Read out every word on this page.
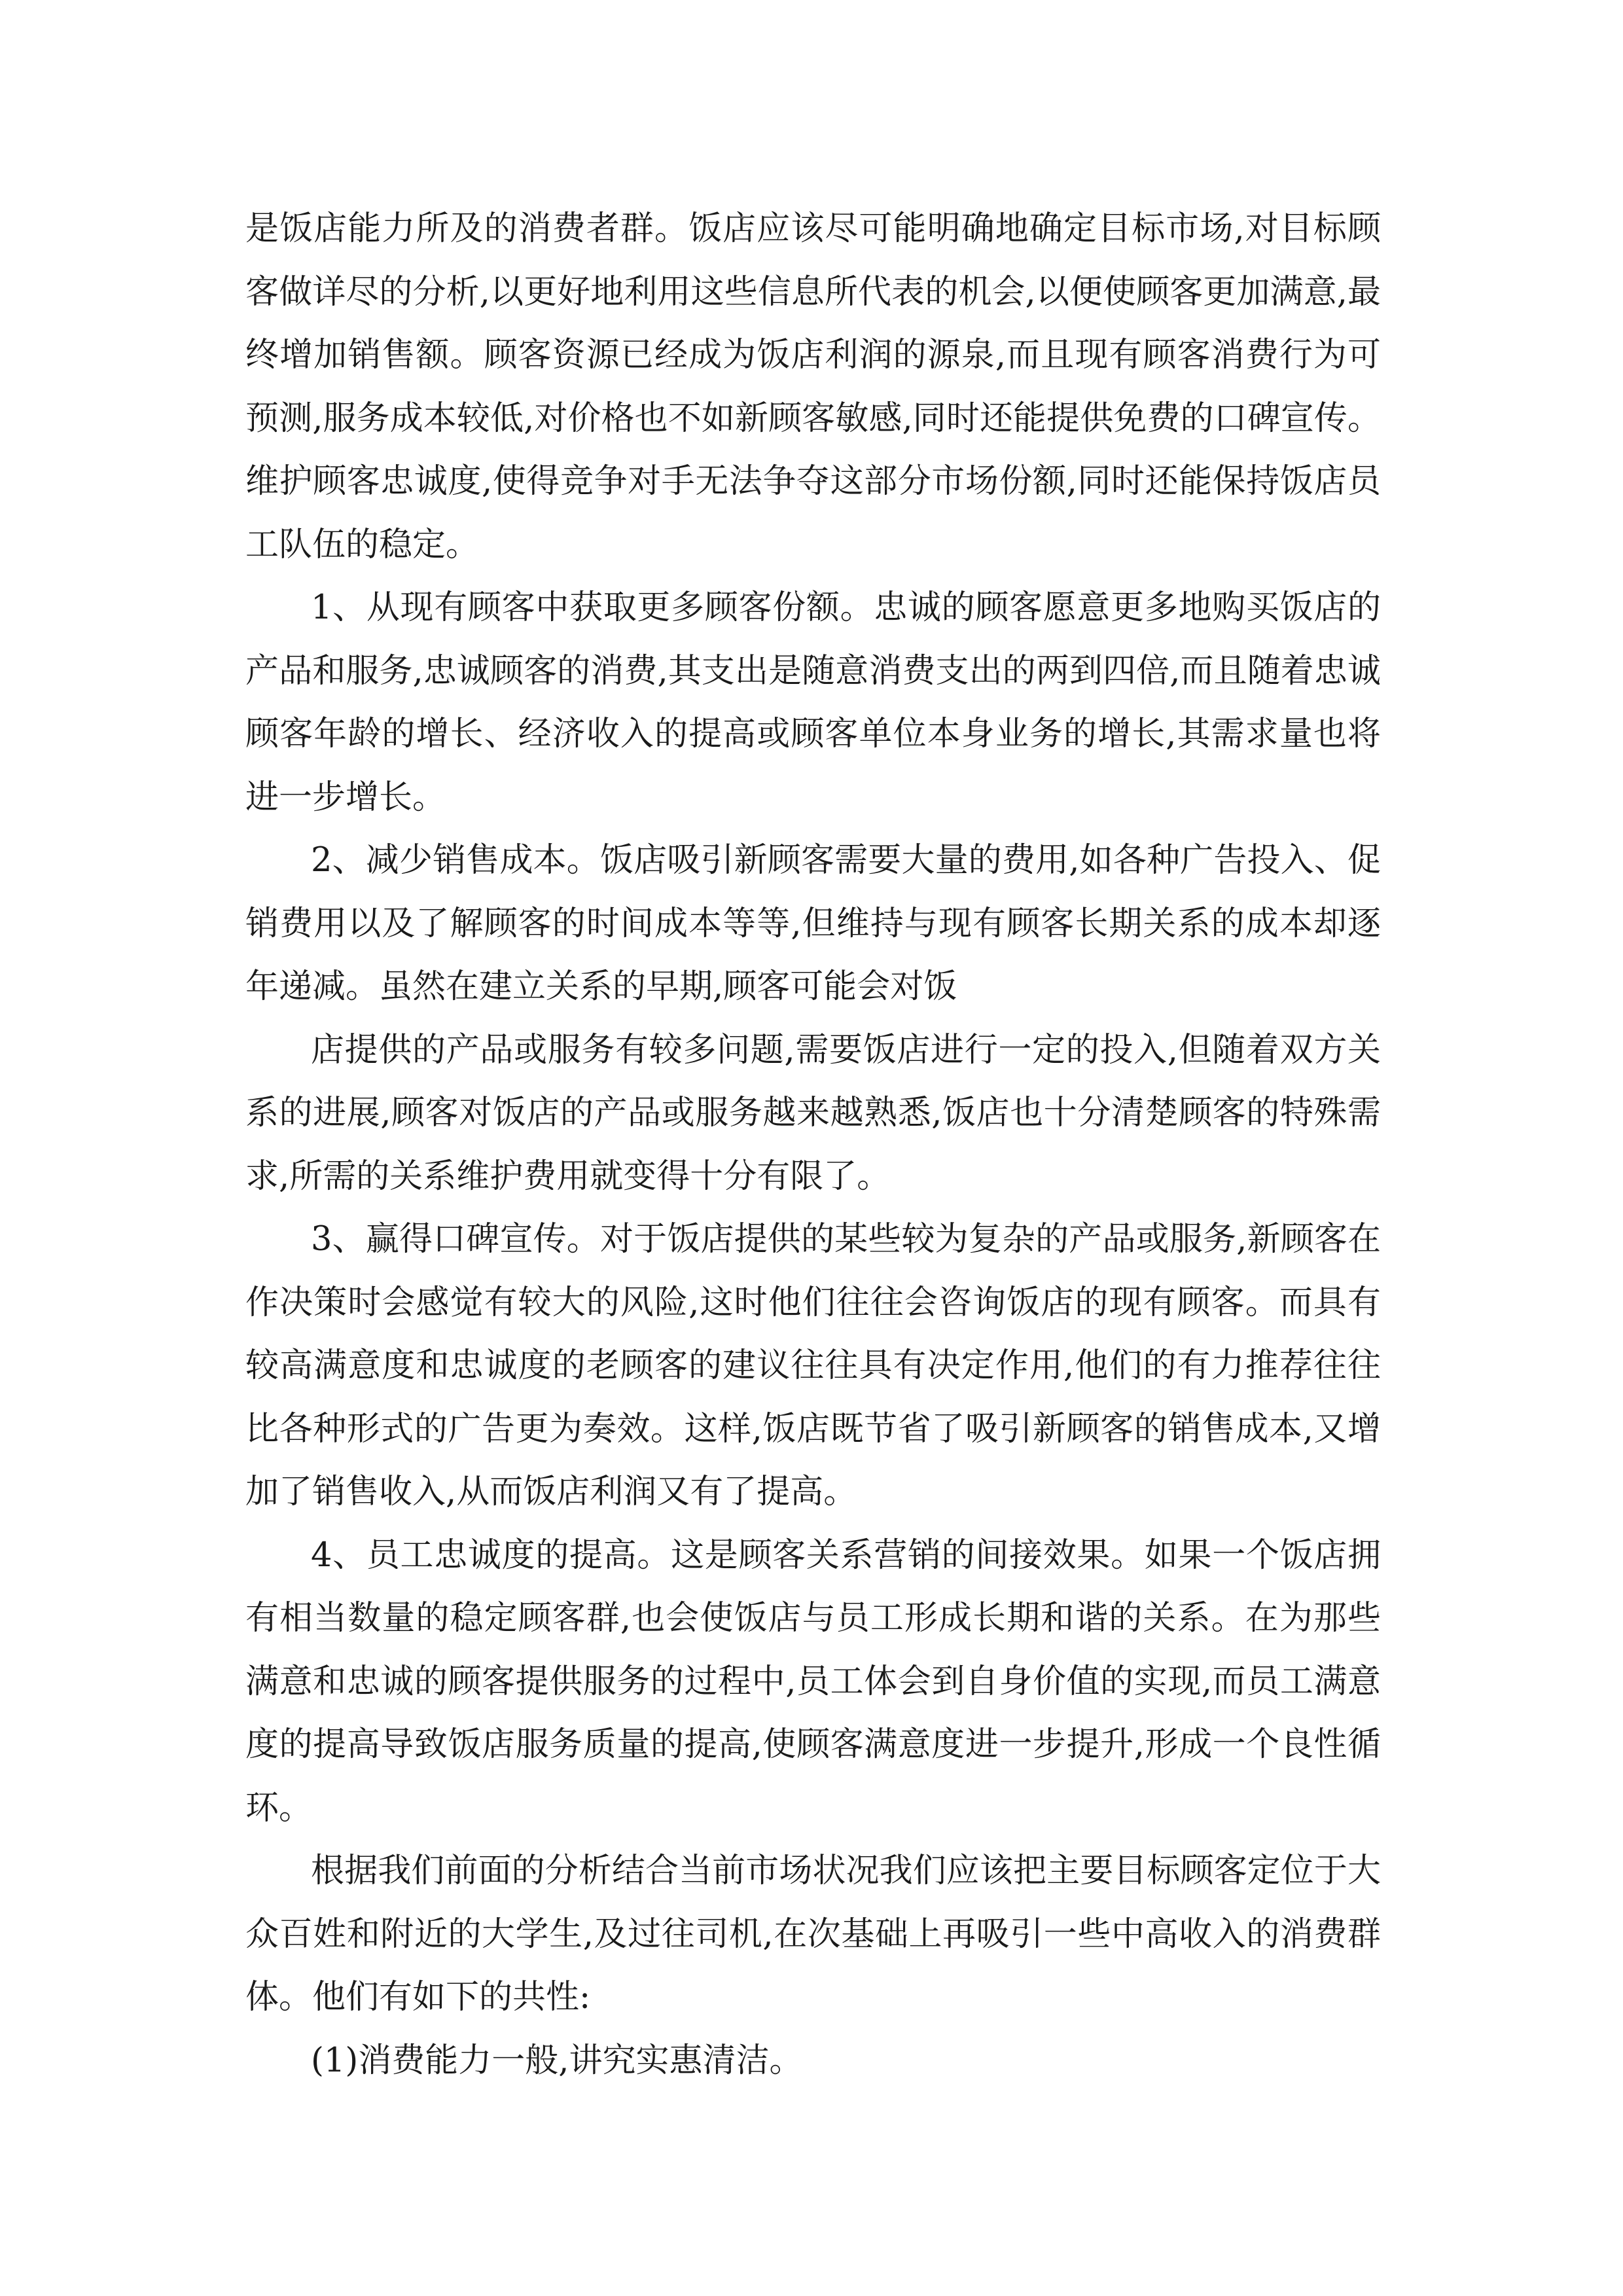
是饭店能力所及的消费者群。饭店应该尽可能明确地确定目标市场,对目标顾客做详尽的分析,以更好地利用这些信息所代表的机会,以便使顾客更加满意,最终增加销售额。顾客资源已经成为饭店利润的源泉,而且现有顾客消费行为可预测,服务成本较低,对价格也不如新顾客敏感,同时还能提供免费的口碑宣传。维护顾客忠诚度,使得竞争对手无法争夺这部分市场份额,同时还能保持饭店员工队伍的稳定。

1、从现有顾客中获取更多顾客份额。忠诚的顾客愿意更多地购买饭店的产品和服务,忠诚顾客的消费,其支出是随意消费支出的两到四倍,而且随着忠诚顾客年龄的增长、经济收入的提高或顾客单位本身业务的增长,其需求量也将进一步增长。

2、减少销售成本。饭店吸引新顾客需要大量的费用,如各种广告投入、促销费用以及了解顾客的时间成本等等,但维持与现有顾客长期关系的成本却逐年递减。虽然在建立关系的早期,顾客可能会对饭

店提供的产品或服务有较多问题,需要饭店进行一定的投入,但随着双方关系的进展,顾客对饭店的产品或服务越来越熟悉,饭店也十分清楚顾客的特殊需求,所需的关系维护费用就变得十分有限了。

3、赢得口碑宣传。对于饭店提供的某些较为复杂的产品或服务,新顾客在作决策时会感觉有较大的风险,这时他们往往会咨询饭店的现有顾客。而具有较高满意度和忠诚度的老顾客的建议往往具有决定作用,他们的有力推荐往往比各种形式的广告更为奏效。这样,饭店既节省了吸引新顾客的销售成本,又增加了销售收入,从而饭店利润又有了提高。

4、员工忠诚度的提高。这是顾客关系营销的间接效果。如果一个饭店拥有相当数量的稳定顾客群,也会使饭店与员工形成长期和谐的关系。在为那些满意和忠诚的顾客提供服务的过程中,员工体会到自身价值的实现,而员工满意度的提高导致饭店服务质量的提高,使顾客满意度进一步提升,形成一个良性循环。

根据我们前面的分析结合当前市场状况我们应该把主要目标顾客定位于大众百姓和附近的大学生,及过往司机,在次基础上再吸引一些中高收入的消费群体。他们有如下的共性:

(1)消费能力一般,讲究实惠清洁。
